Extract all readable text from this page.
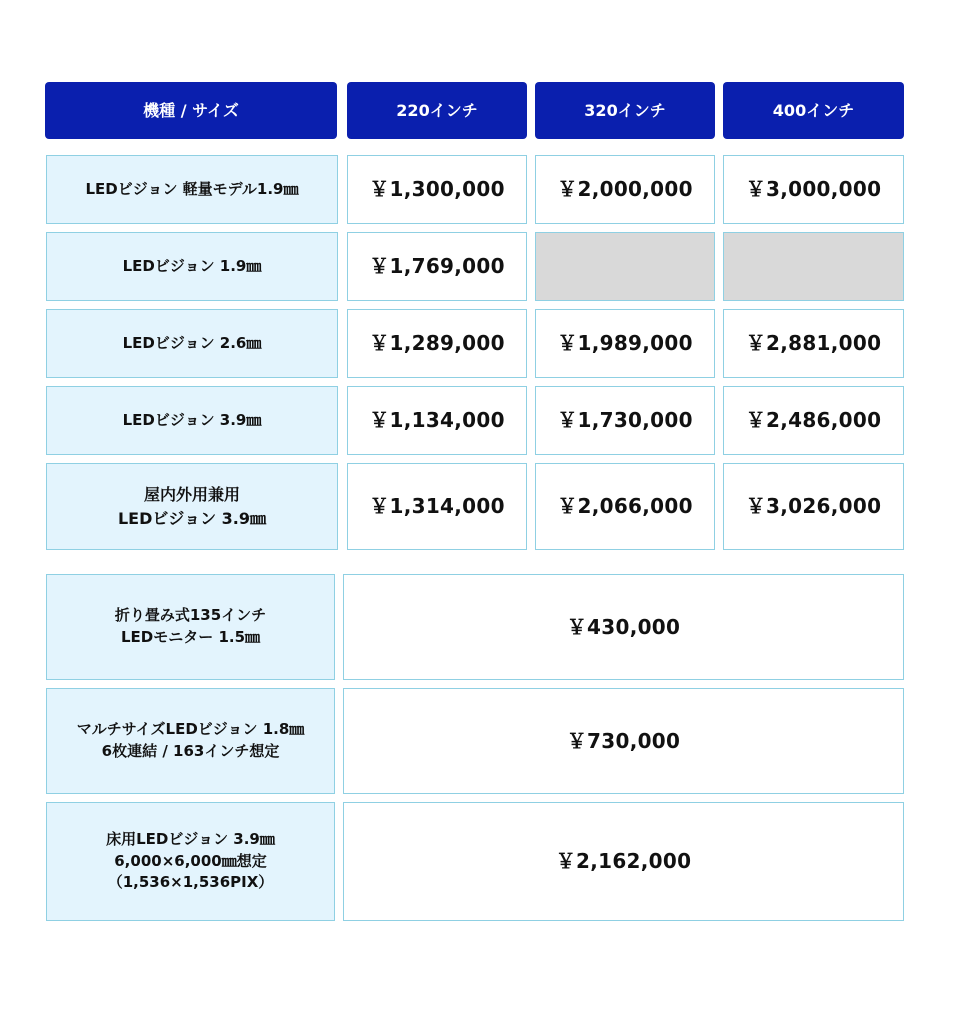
機種 / サイズ	220インチ	320インチ	400インチ
LEDビジョン 軽量モデル1.9㎜	￥1,300,000	￥2,000,000	￥3,000,000
LEDビジョン 1.9㎜	￥1,769,000
LEDビジョン 2.6㎜	￥1,289,000	￥1,989,000	￥2,881,000
LEDビジョン 3.9㎜	￥1,134,000	￥1,730,000	￥2,486,000
屋内外用兼用
LEDビジョン 3.9㎜	￥1,314,000	￥2,066,000	￥3,026,000
折り畳み式135インチ
LEDモニター 1.5㎜	￥430,000
マルチサイズLEDビジョン 1.8㎜
6枚連結 / 163インチ想定	￥730,000
床用LEDビジョン 3.9㎜
6,000×6,000㎜想定
（1,536×1,536PIX）
￥2,162,000
